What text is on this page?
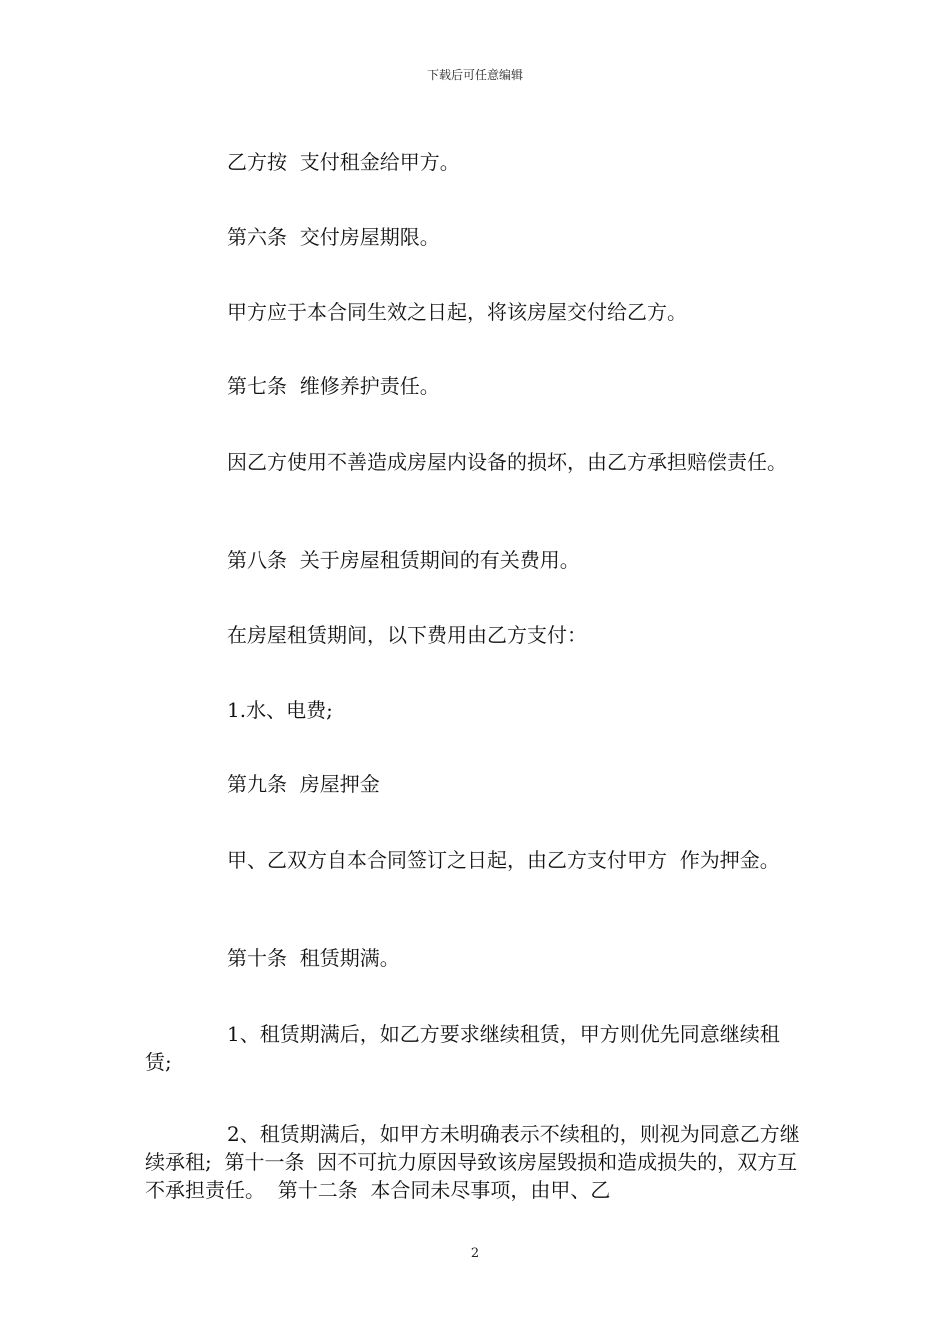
下载后可任意编辑

乙方按  支付租金给甲方。

第六条  交付房屋期限。

甲方应于本合同生效之日起，将该房屋交付给乙方。

第七条  维修养护责任。

因乙方使用不善造成房屋内设备的损坏，由乙方承担赔偿责任。

第八条  关于房屋租赁期间的有关费用。

在房屋租赁期间，以下费用由乙方支付：

1.水、电费;

第九条  房屋押金

甲、乙双方自本合同签订之日起，由乙方支付甲方  作为押金。

第十条  租赁期满。

1、租赁期满后，如乙方要求继续租赁，甲方则优先同意继续租赁;

2、租赁期满后，如甲方未明确表示不续租的，则视为同意乙方继续承租;  第十一条  因不可抗力原因导致该房屋毁损和造成损失的，双方互不承担责任。  第十二条  本合同未尽事项，由甲、乙

2
